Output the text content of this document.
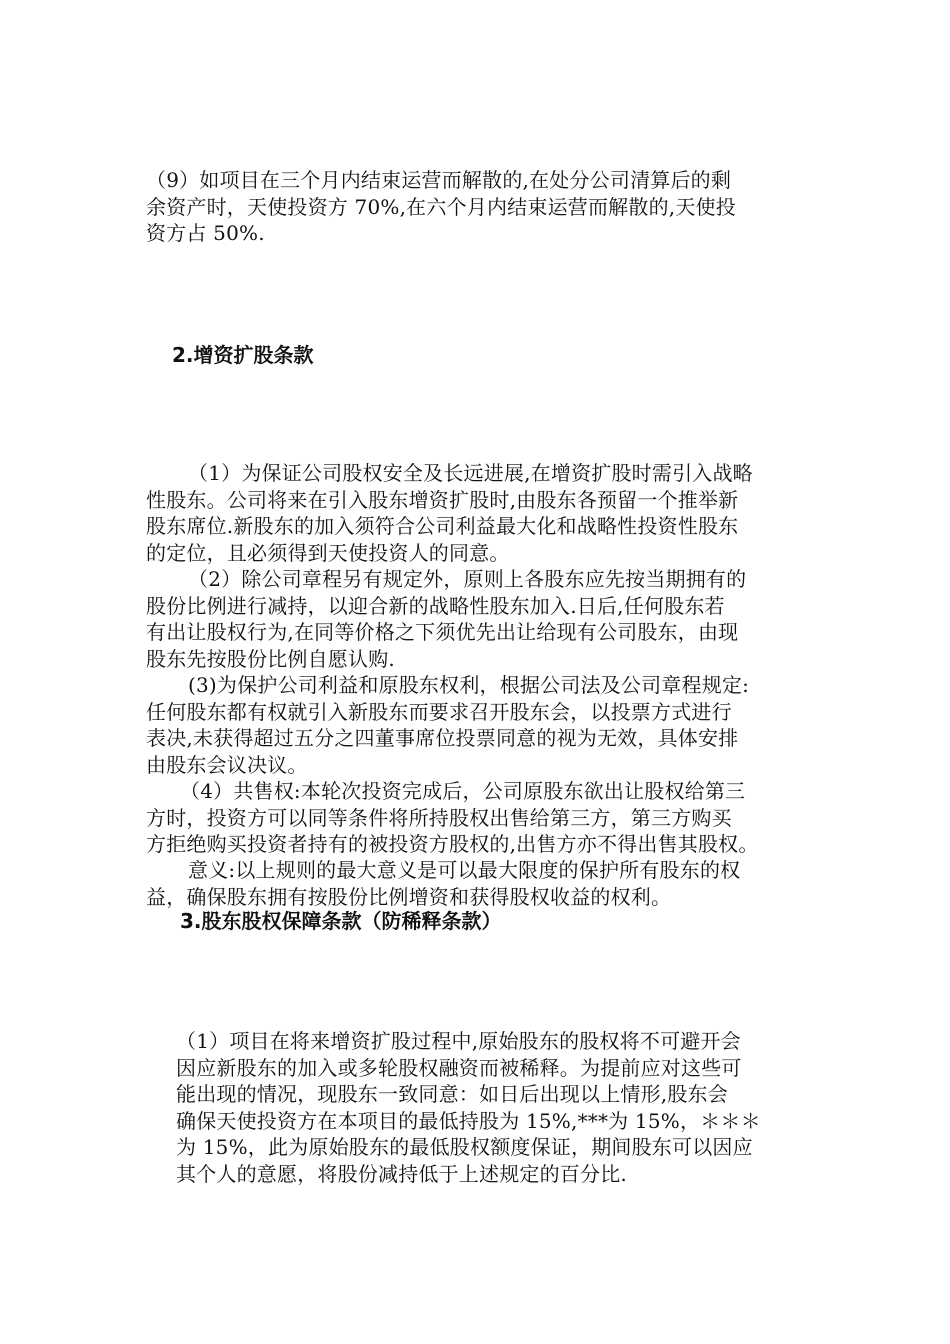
（9）如项目在三个月内结束运营而解散的,在处分公司清算后的剩
余资产时，天使投资方 70%,在六个月内结束运营而解散的,天使投
资方占 50%.
2.增资扩股条款
（1）为保证公司股权安全及长远进展,在增资扩股时需引入战略
性股东。公司将来在引入股东增资扩股时,由股东各预留一个推举新
股东席位.新股东的加入须符合公司利益最大化和战略性投资性股东
的定位，且必须得到天使投资人的同意。
（2）除公司章程另有规定外，原则上各股东应先按当期拥有的
股份比例进行减持，以迎合新的战略性股东加入.日后,任何股东若
有出让股权行为,在同等价格之下须优先出让给现有公司股东，由现
股东先按股份比例自愿认购.
(3)为保护公司利益和原股东权利，根据公司法及公司章程规定:
任何股东都有权就引入新股东而要求召开股东会，以投票方式进行
表决,未获得超过五分之四董事席位投票同意的视为无效，具体安排
由股东会议决议。
（4）共售权:本轮次投资完成后，公司原股东欲出让股权给第三
方时，投资方可以同等条件将所持股权出售给第三方，第三方购买
方拒绝购买投资者持有的被投资方股权的,出售方亦不得出售其股权。
意义:以上规则的最大意义是可以最大限度的保护所有股东的权
益，确保股东拥有按股份比例增资和获得股权收益的权利。
3.股东股权保障条款（防稀释条款）
（1）项目在将来增资扩股过程中,原始股东的股权将不可避开会
因应新股东的加入或多轮股权融资而被稀释。为提前应对这些可
能出现的情况，现股东一致同意：如日后出现以上情形,股东会
确保天使投资方在本项目的最低持股为 15%,***为 15%，＊＊＊
为 15%，此为原始股东的最低股权额度保证，期间股东可以因应
其个人的意愿，将股份减持低于上述规定的百分比.
